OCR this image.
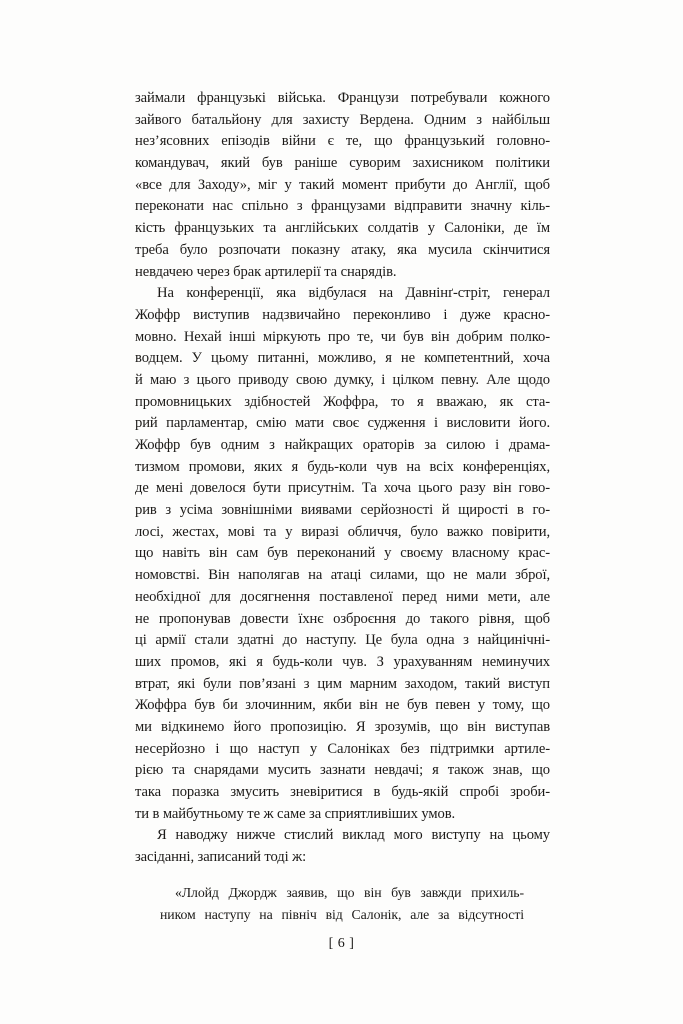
займали французькі війська. Французи потребували кожного
зайвого батальйону для захисту Вердена. Одним з найбільш
нез’ясовних епізодів війни є те, що французький головно-
командувач, який був раніше суворим захисником політики
«все для Заходу», міг у такий момент прибути до Англії, щоб
переконати нас спільно з французами відправити значну кіль-
кість французьких та англійських солдатів у Салоніки, де їм
треба було розпочати показну атаку, яка мусила скінчитися
невдачею через брак артилерії та снарядів.
На конференції, яка відбулася на Давнінґ-стріт, генерал
Жоффр виступив надзвичайно переконливо і дуже красно-
мовно. Нехай інші міркують про те, чи був він добрим полко-
водцем. У цьому питанні, можливо, я не компетентний, хоча
й маю з цього приводу свою думку, і цілком певну. Але щодо
промовницьких здібностей Жоффра, то я вважаю, як ста-
рий парламентар, смію мати своє судження і висловити його.
Жоффр був одним з найкращих ораторів за силою і драма-
тизмом промови, яких я будь-коли чув на всіх конференціях,
де мені довелося бути присутнім. Та хоча цього разу він гово-
рив з усіма зовнішніми виявами серйозності й щирості в го-
лосі, жестах, мові та у виразі обличчя, було важко повірити,
що навіть він сам був переконаний у своєму власному крас-
номовстві. Він наполягав на атаці силами, що не мали зброї,
необхідної для досягнення поставленої перед ними мети, але
не пропонував довести їхнє озброєння до такого рівня, щоб
ці армії стали здатні до наступу. Це була одна з найцинічні-
ших промов, які я будь-коли чув. З урахуванням неминучих
втрат, які були пов’язані з цим марним заходом, такий виступ
Жоффра був би злочинним, якби він не був певен у тому, що
ми відкинемо його пропозицію. Я зрозумів, що він виступав
несерйозно і що наступ у Салоніках без підтримки артиле-
рією та снарядами мусить зазнати невдачі; я також знав, що
така поразка змусить зневіритися в будь-якій спробі зроби-
ти в майбутньому те ж саме за сприятливіших умов.
Я наводжу нижче стислий виклад мого виступу на цьому
засіданні, записаний тоді ж:
«Ллойд Джордж заявив, що він був завжди прихиль-
ником наступу на північ від Салонік, але за відсутності
[ 6 ]
